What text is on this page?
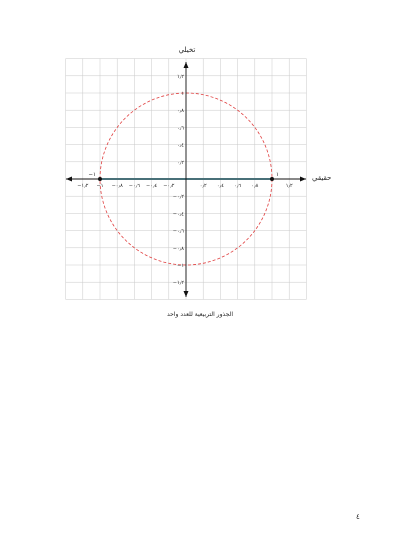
−١٫٢ −١ −٠٫٨ −٠٫٦ −٠٫٤ −٠٫٢	٠٫٢ ٠٫٤ ٠٫٦ ٠٫٨	١٫٢
١٫٢
١
٠٫٨
٠٫٦
٠٫٤
٠٫٢
−٠٫٢
−٠٫٤
−٠٫٦
−٠٫٨
−١
−١٫٢
١
−١	حقيقي
تخيلي
الجذور التربيعية للعدد واحد
٤
